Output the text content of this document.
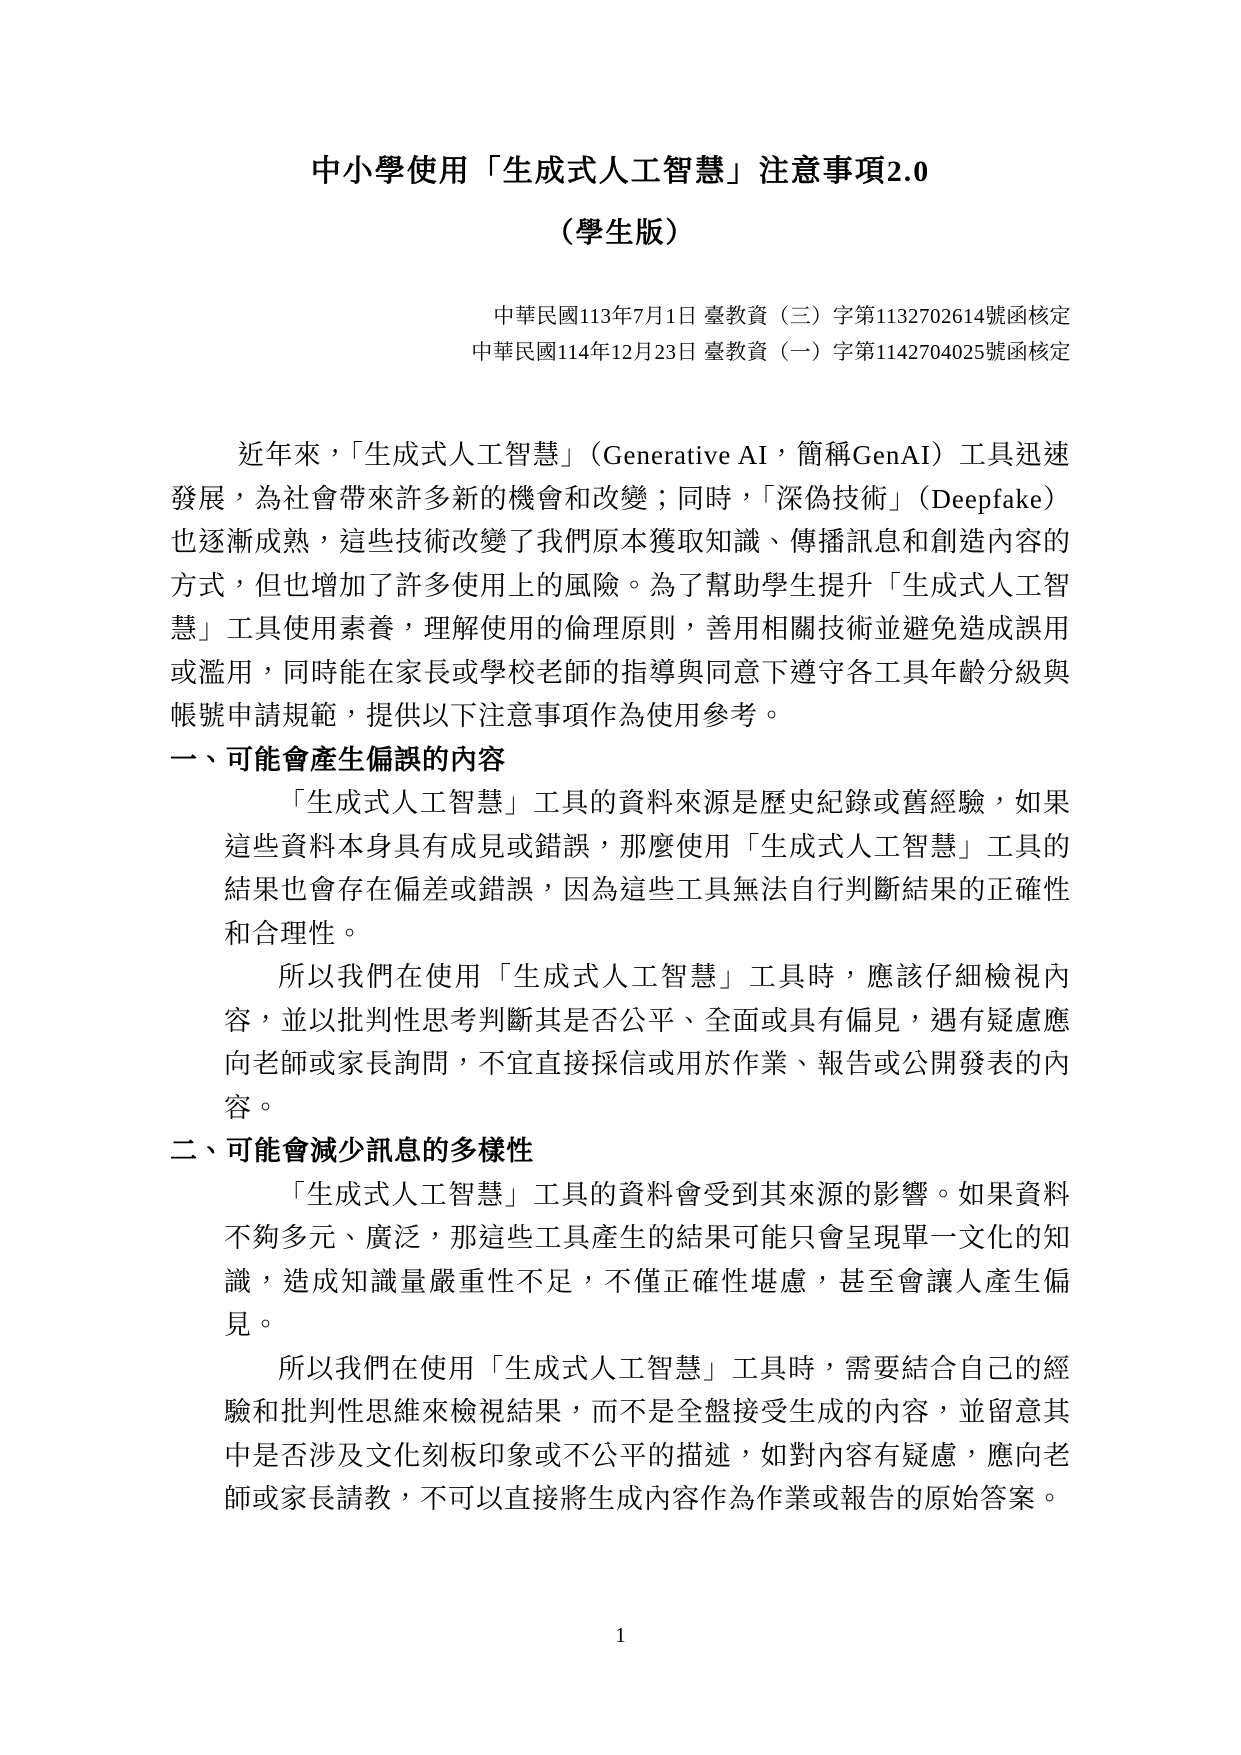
中小學使用「生成式人工智慧」注意事項2.0
（學生版）
中華民國113年7月1日 臺教資（三）字第1132702614號函核定
中華民國114年12月23日 臺教資（一）字第1142704025號函核定

近年來，「生成式人工智慧」（Generative AI，簡稱GenAI）工具迅速發展，為社會帶來許多新的機會和改變；同時，「深偽技術」（Deepfake）也逐漸成熟，這些技術改變了我們原本獲取知識、傳播訊息和創造內容的方式，但也增加了許多使用上的風險。為了幫助學生提升「生成式人工智慧」工具使用素養，理解使用的倫理原則，善用相關技術並避免造成誤用或濫用，同時能在家長或學校老師的指導與同意下遵守各工具年齡分級與帳號申請規範，提供以下注意事項作為使用參考。

一、可能會產生偏誤的內容

「生成式人工智慧」工具的資料來源是歷史紀錄或舊經驗，如果這些資料本身具有成見或錯誤，那麼使用「生成式人工智慧」工具的結果也會存在偏差或錯誤，因為這些工具無法自行判斷結果的正確性和合理性。

所以我們在使用「生成式人工智慧」工具時，應該仔細檢視內容，並以批判性思考判斷其是否公平、全面或具有偏見，遇有疑慮應向老師或家長詢問，不宜直接採信或用於作業、報告或公開發表的內容。

二、可能會減少訊息的多樣性

「生成式人工智慧」工具的資料會受到其來源的影響。如果資料不夠多元、廣泛，那這些工具產生的結果可能只會呈現單一文化的知識，造成知識量嚴重性不足，不僅正確性堪慮，甚至會讓人產生偏見。

所以我們在使用「生成式人工智慧」工具時，需要結合自己的經驗和批判性思維來檢視結果，而不是全盤接受生成的內容，並留意其中是否涉及文化刻板印象或不公平的描述，如對內容有疑慮，應向老師或家長請教，不可以直接將生成內容作為作業或報告的原始答案。

1
